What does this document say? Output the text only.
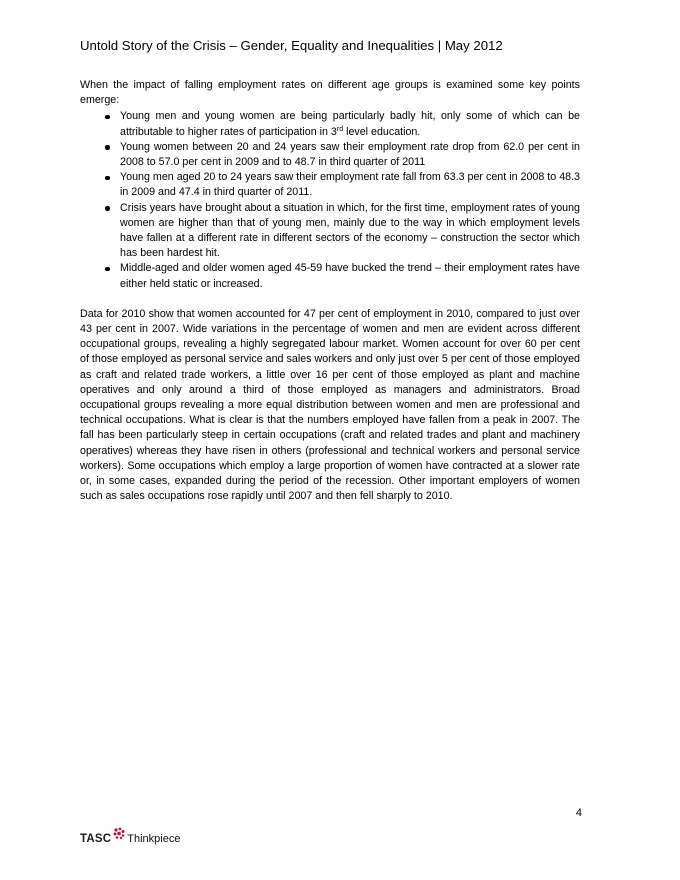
Untold Story of the Crisis – Gender, Equality and Inequalities | May 2012

When the impact of falling employment rates on different age groups is examined some key points emerge:

Young men and young women are being particularly badly hit, only some of which can be attributable to higher rates of participation in 3rd level education.
Young women between 20 and 24 years saw their employment rate drop from 62.0 per cent in 2008 to 57.0 per cent in 2009 and to 48.7 in third quarter of 2011
Young men aged 20 to 24 years saw their employment rate fall from 63.3 per cent in 2008 to 48.3 in 2009 and 47.4 in third quarter of 2011.
Crisis years have brought about a situation in which, for the first time, employment rates of young women are higher than that of young men, mainly due to the way in which employment levels have fallen at a different rate in different sectors of the economy – construction the sector which has been hardest hit.
Middle-aged and older women aged 45-59 have bucked the trend – their employment rates have either held static or increased.

Data for 2010 show that women accounted for 47 per cent of employment in 2010, compared to just over 43 per cent in 2007. Wide variations in the percentage of women and men are evident across different occupational groups, revealing a highly segregated labour market. Women account for over 60 per cent of those employed as personal service and sales workers and only just over 5 per cent of those employed as craft and related trade workers, a little over 16 per cent of those employed as plant and machine operatives and only around a third of those employed as managers and administrators. Broad occupational groups revealing a more equal distribution between women and men are professional and technical occupations. What is clear is that the numbers employed have fallen from a peak in 2007. The fall has been particularly steep in certain occupations (craft and related trades and plant and machinery operatives) whereas they have risen in others (professional and technical workers and personal service workers). Some occupations which employ a large proportion of women have contracted at a slower rate or, in some cases, expanded during the period of the recession. Other important employers of women such as sales occupations rose rapidly until 2007 and then fell sharply to 2010.

4
TASC Thinkpiece
